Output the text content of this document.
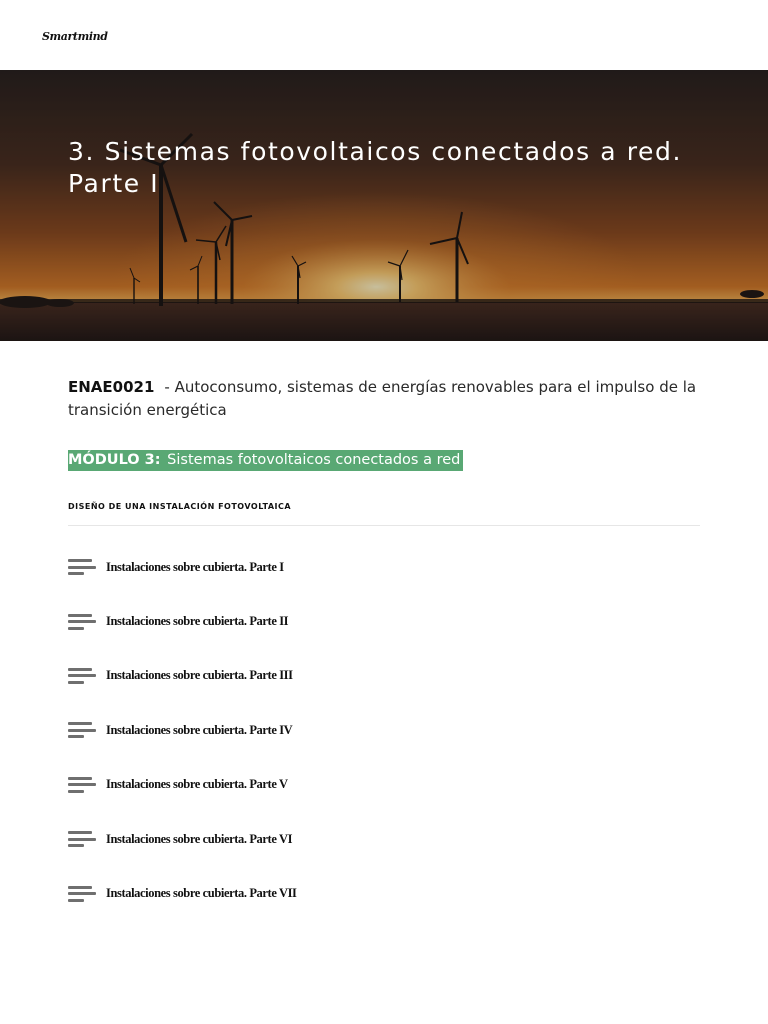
Smartmind
3. Sistemas fotovoltaicos conectados a red.
Parte I
ENAE0021 - Autoconsumo, sistemas de energías renovables para el impulso de la transición energética
MÓDULO 3: Sistemas fotovoltaicos conectados a red
DISEÑO DE UNA INSTALACIÓN FOTOVOLTAICA
Instalaciones sobre cubierta. Parte I
Instalaciones sobre cubierta. Parte II
Instalaciones sobre cubierta. Parte III
Instalaciones sobre cubierta. Parte IV
Instalaciones sobre cubierta. Parte V
Instalaciones sobre cubierta. Parte VI
Instalaciones sobre cubierta. Parte VII
